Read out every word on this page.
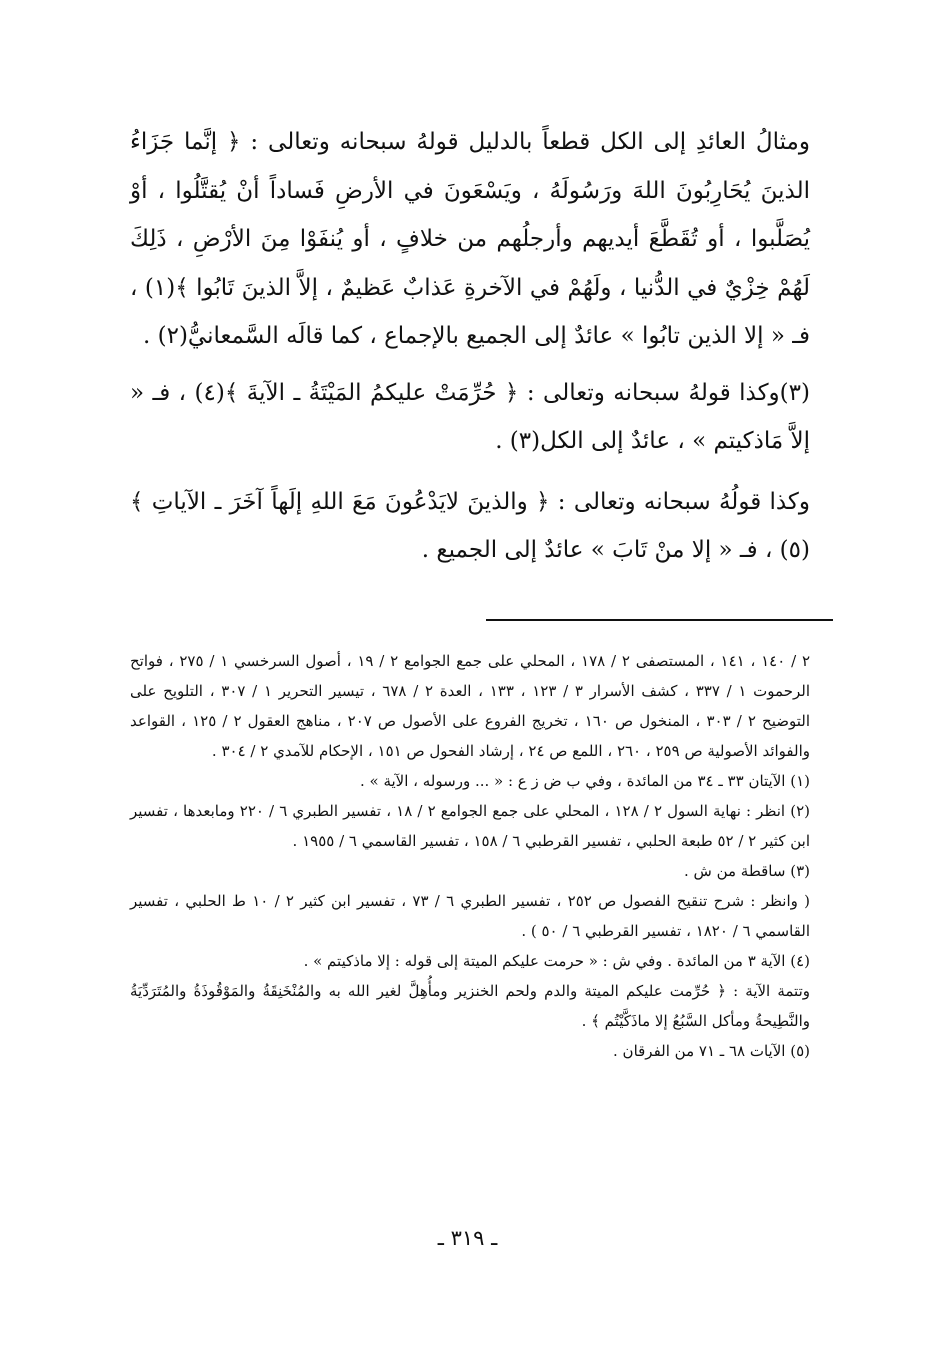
ومثالُ العائدِ إلى الكل قطعاً بالدليل قولهُ سبحانه وتعالى : ﴿ إنَّما جَزَاءُ الذينَ يُحَارِبُونَ اللهَ ورَسُولَهُ ، ويَسْعَونَ في الأرضِ فَساداً أنْ يُقتَّلُوا ، أوْ يُصَلَّبوا ، أو تُقَطَّعَ أيديهم وأرجلُهم من خلافٍ ، أو يُنفَوْا مِنَ الأرْضِ ، ذَلِكَ لَهُمْ خِزْيٌ في الدُّنيا ، ولَهُمْ في الآخرةِ عَذابٌ عَظيمٌ ، إلاَّ الذينَ تَابُوا ﴾(١) ، فـ « إلا الذين تابُوا » عائدٌ إلى الجميع بالإجماع ، كما قالَه السَّمعانيُّ(٢) .

(٣)وكذا قولهُ سبحانه وتعالى : ﴿ حُرِّمَتْ عليكمُ المَيْتَةُ ـ الآيةَ ﴾(٤) ، فـ « إلاَّ مَاذكيتم » ، عائدٌ إلى الكل(٣) .

وكذا قولُهُ سبحانه وتعالى : ﴿ والذينَ لايَدْعُونَ مَعَ اللهِ إلَهاً آخَرَ ـ الآياتِ ﴾(٥) ، فـ « إلا منْ تَابَ » عائدٌ إلى الجميع .

٢ / ١٤٠ ، ١٤١ ، المستصفى ٢ / ١٧٨ ، المحلي على جمع الجوامع ٢ / ١٩ ، أصول السرخسي ١ / ٢٧٥ ، فواتح الرحموت ١ / ٣٣٧ ، كشف الأسرار ٣ / ١٢٣ ، ١٣٣ ، العدة ٢ / ٦٧٨ ، تيسير التحرير ١ / ٣٠٧ ، التلويح على التوضيح ٢ / ٣٠٣ ، المنخول ص ١٦٠ ، تخريج الفروع على الأصول ص ٢٠٧ ، مناهج العقول ٢ / ١٢٥ ، القواعد والفوائد الأصولية ص ٢٥٩ ، ٢٦٠ ، اللمع ص ٢٤ ، إرشاد الفحول ص ١٥١ ، الإحكام للآمدي ٢ / ٣٠٤ .

(١) الآيتان ٣٣ ـ ٣٤ من المائدة ، وفي ب ض ز ع : « ... ورسوله ، الآية » .

(٢) انظر : نهاية السول ٢ / ١٢٨ ، المحلي على جمع الجوامع ٢ / ١٨ ، تفسير الطبري ٦ / ٢٢٠ ومابعدها ، تفسير ابن كثير ٢ / ٥٢ طبعة الحلبي ، تفسير القرطبي ٦ / ١٥٨ ، تفسير القاسمي ٦ / ١٩٥٥ .

(٣) ساقطة من ش .

( وانظر : شرح تنقيح الفصول ص ٢٥٢ ، تفسير الطبري ٦ / ٧٣ ، تفسير ابن كثير ٢ / ١٠ ط الحلبي ، تفسير القاسمي ٦ / ١٨٢٠ ، تفسير القرطبي ٦ / ٥٠ ) .

(٤) الآية ٣ من المائدة . وفي ش : « حرمت عليكم الميتة إلى قوله : إلا ماذكيتم » .

وتتمة الآية : ﴿ حُرِّمت عليكم الميتة والدم ولحم الخنزير ومأُهِلَّ لغير الله به والمُنْخَنِقَةُ والمَوْقُوذَةُ والمُتَرَدِّيَةُ والنَّطِيحةُ ومأكل السَّبُعُ إلا ماذَكَّيْتُم ﴾ .

(٥) الآيات ٦٨ ـ ٧١ من الفرقان .

ـ ٣١٩ ـ
